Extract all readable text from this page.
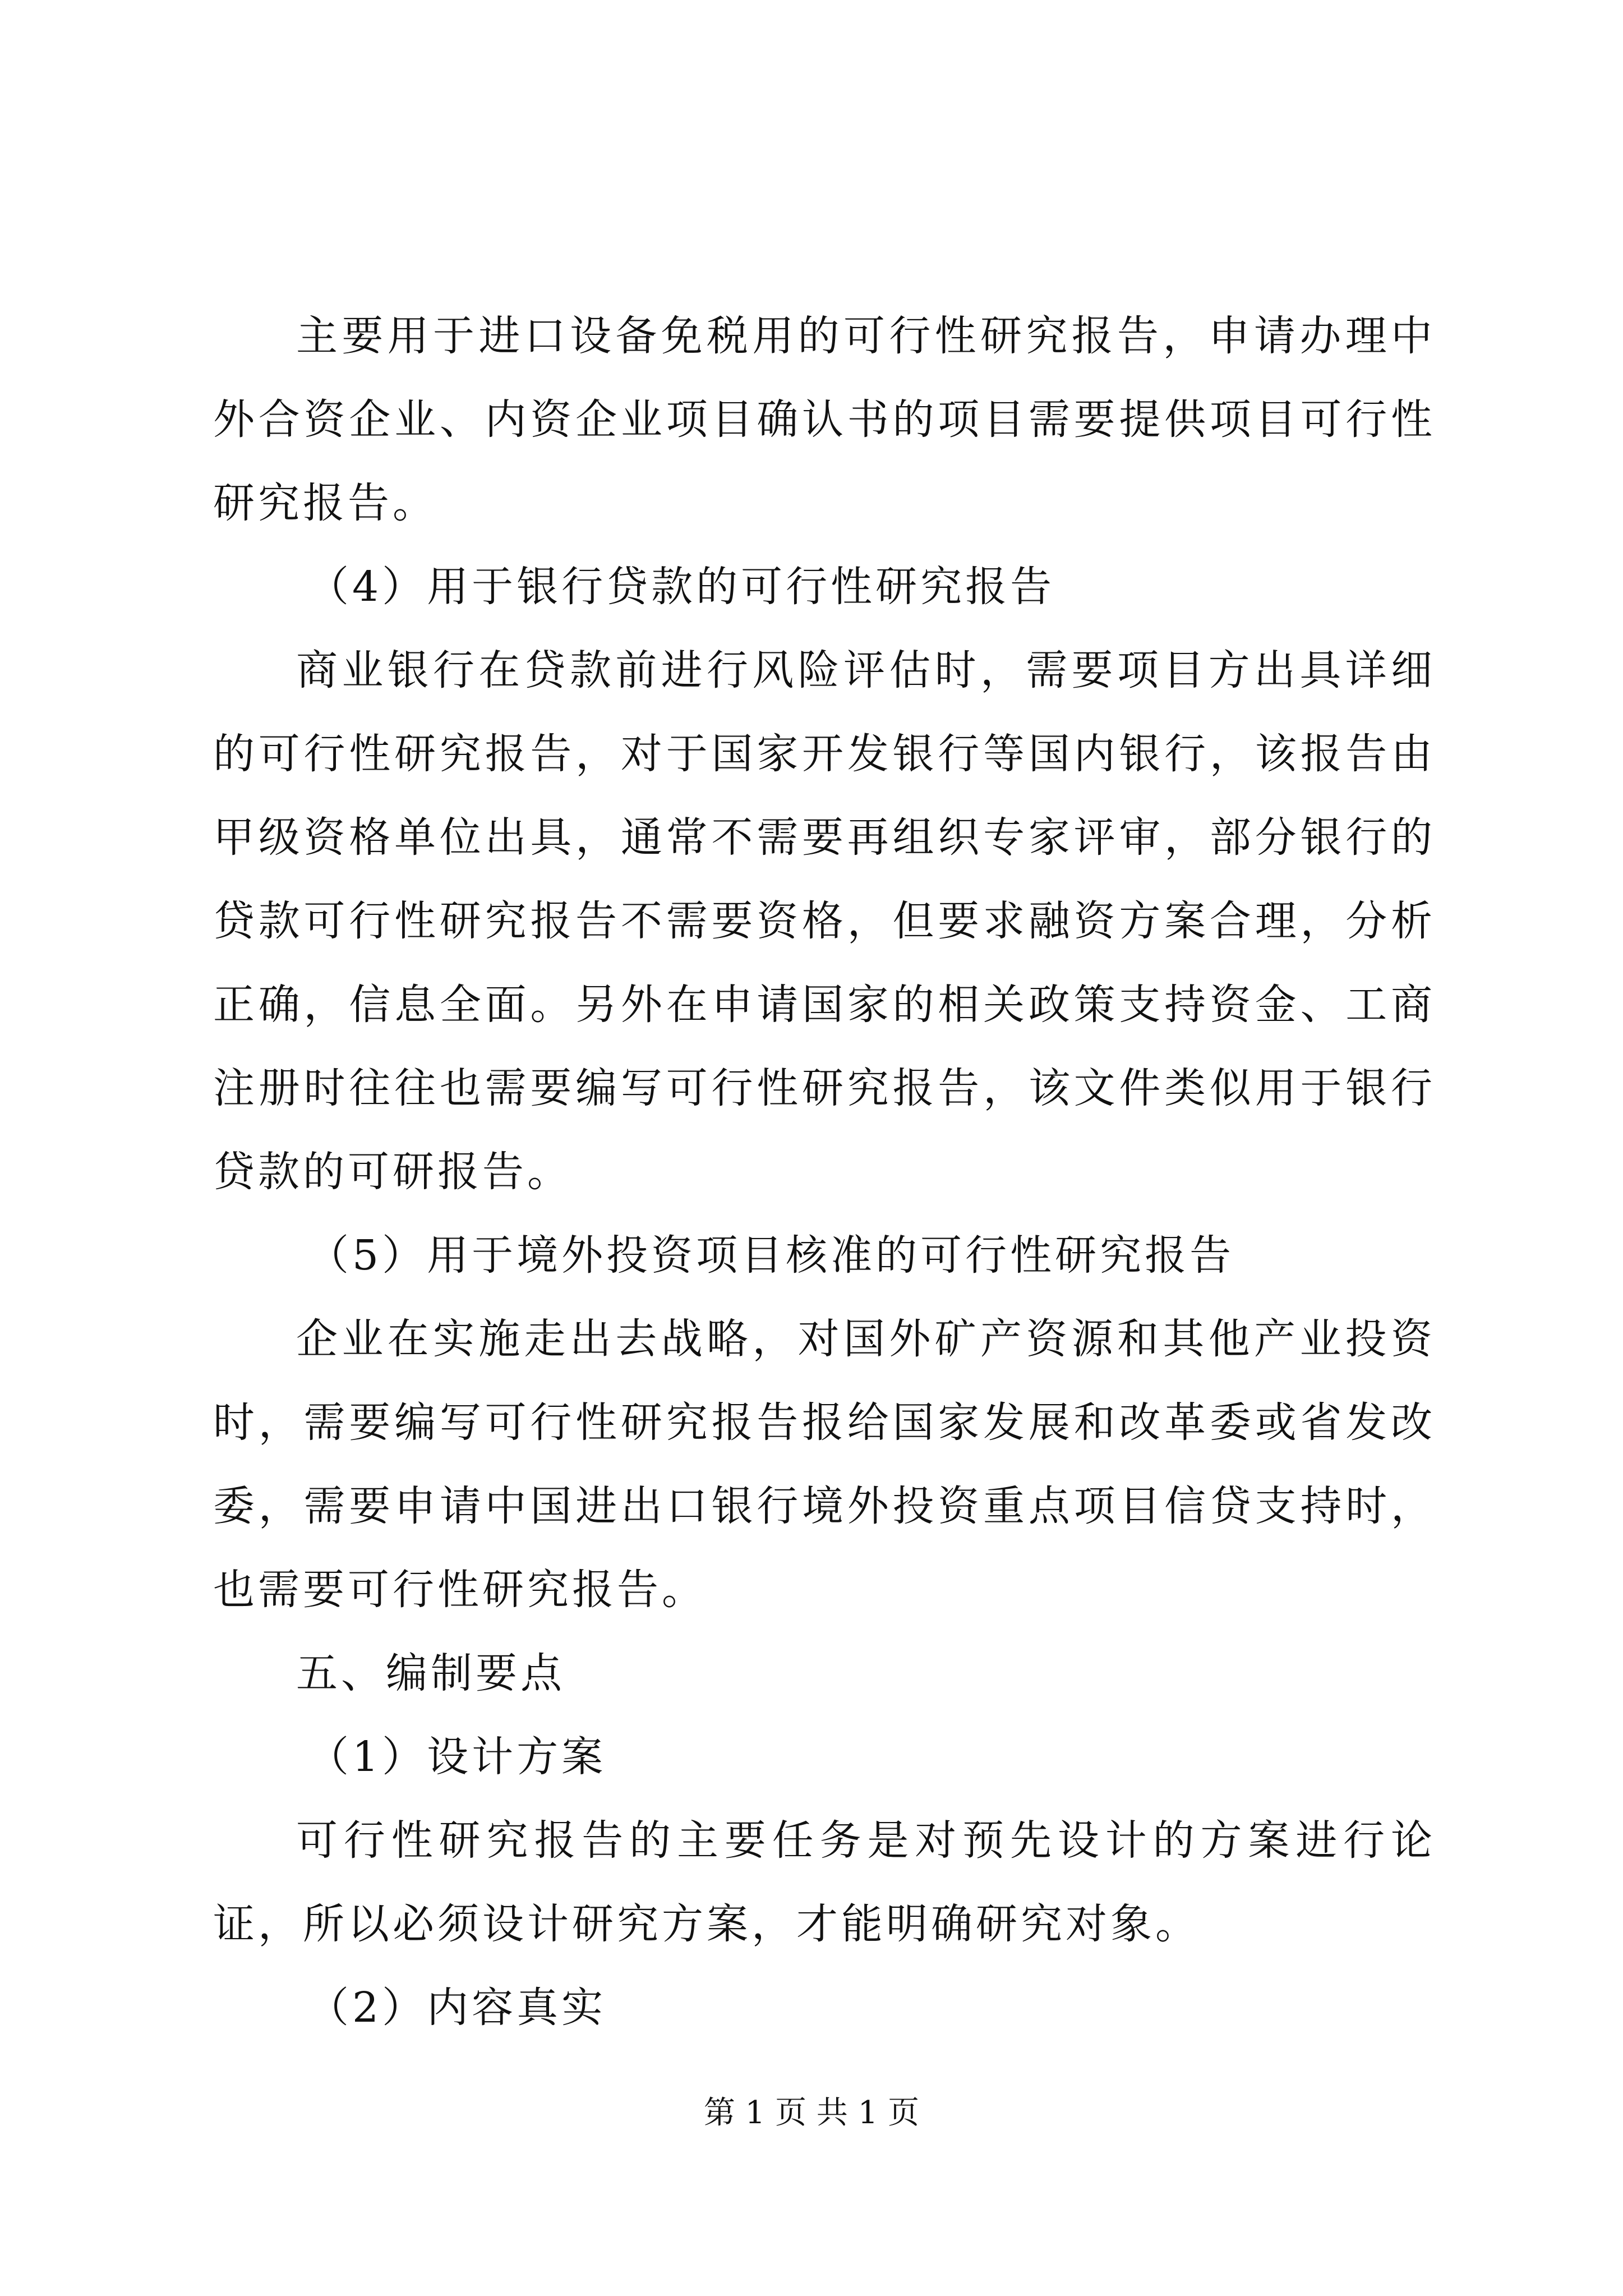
主要用于进口设备免税用的可行性研究报告，申请办理中外合资企业、内资企业项目确认书的项目需要提供项目可行性研究报告。

（4）用于银行贷款的可行性研究报告

商业银行在贷款前进行风险评估时，需要项目方出具详细的可行性研究报告，对于国家开发银行等国内银行，该报告由甲级资格单位出具，通常不需要再组织专家评审，部分银行的贷款可行性研究报告不需要资格，但要求融资方案合理，分析正确，信息全面。另外在申请国家的相关政策支持资金、工商注册时往往也需要编写可行性研究报告，该文件类似用于银行贷款的可研报告。

（5）用于境外投资项目核准的可行性研究报告

企业在实施走出去战略，对国外矿产资源和其他产业投资时，需要编写可行性研究报告报给国家发展和改革委或省发改委，需要申请中国进出口银行境外投资重点项目信贷支持时，也需要可行性研究报告。

五、编制要点

（1）设计方案

可行性研究报告的主要任务是对预先设计的方案进行论证，所以必须设计研究方案，才能明确研究对象。

（2）内容真实

第 1 页 共 1 页
